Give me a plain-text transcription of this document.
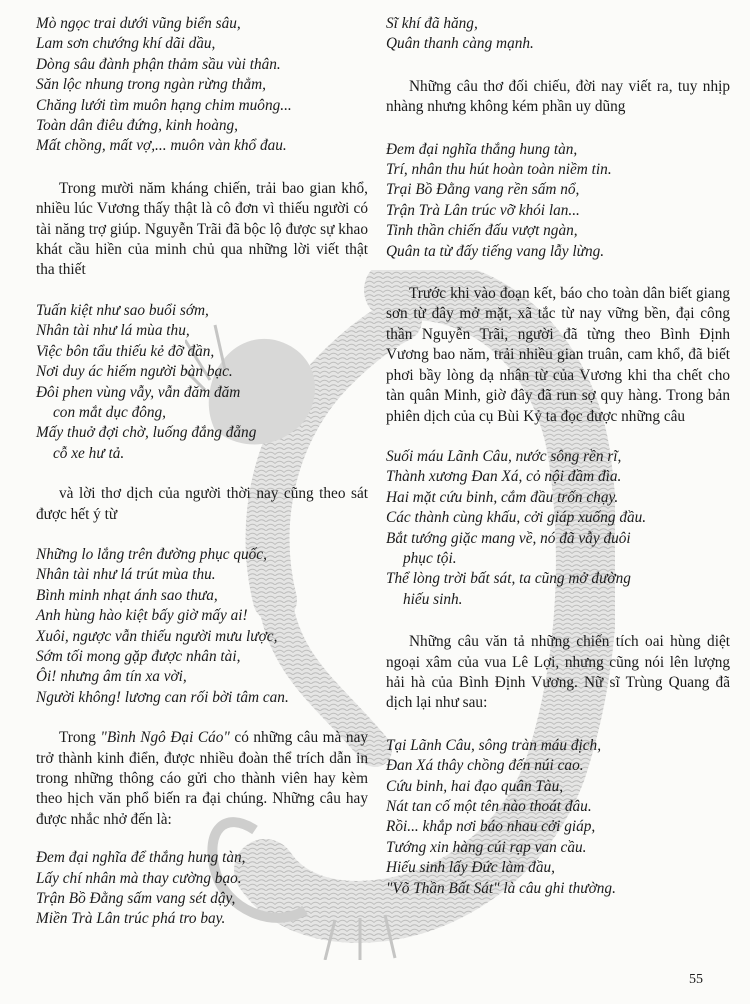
Mò ngọc trai dưới vũng biển sâu,
Lam sơn chướng khí dãi dầu,
Dòng sâu đành phận thảm sầu vùi thân.
Săn lộc nhung trong ngàn rừng thẳm,
Chăng lưới tìm muôn hạng chim muông...
Toàn dân điêu đứng, kinh hoàng,
Mất chồng, mất vợ,... muôn vàn khổ đau.

Trong mười năm kháng chiến, trải bao gian khổ, nhiều lúc Vương thấy thật là cô đơn vì thiếu người có tài năng trợ giúp. Nguyễn Trãi đã bộc lộ được sự khao khát cầu hiền của minh chủ qua những lời viết thật tha thiết

Tuấn kiệt như sao buổi sớm,
Nhân tài như lá mùa thu,
Việc bôn tẩu thiếu kẻ đỡ đần,
Nơi duy ác hiếm người bàn bạc.
Đôi phen vùng vẫy, vẫn đăm đăm
con mắt dục đông,
Mấy thuở đợi chờ, luống đắng đẵng
cỗ xe hư tả.

và lời thơ dịch của người thời nay cũng theo sát được hết ý từ

Những lo lắng trên đường phục quốc,
Nhân tài như lá trút mùa thu.
Bình minh nhạt ánh sao thưa,
Anh hùng hào kiệt bấy giờ mấy ai!
Xuôi, ngược vẫn thiếu người mưu lược,
Sớm tối mong gặp được nhân tài,
Ôi! nhưng âm tín xa vời,
Người không! lương can rối bời tâm can.

Trong "Bình Ngô Đại Cáo" có những câu mà nay trở thành kinh điển, được nhiều đoàn thể trích dẫn in trong những thông cáo gửi cho thành viên hay kèm theo hịch văn phổ biến ra đại chúng. Những câu hay được nhắc nhở đến là:

Đem đại nghĩa để thắng hung tàn,
Lấy chí nhân mà thay cường bạo.
Trận Bồ Đằng sấm vang sét dậy,
Miền Trà Lân trúc phá tro bay.
Sĩ khí đã hăng,
Quân thanh càng mạnh.

Những câu thơ đối chiếu, đời nay viết ra, tuy nhịp nhàng nhưng không kém phần uy dũng

Đem đại nghĩa thắng hung tàn,
Trí, nhân thu hút hoàn toàn niềm tin.
Trại Bồ Đằng vang rền sấm nổ,
Trận Trà Lân trúc vỡ khói lan...
Tinh thần chiến đấu vượt ngàn,
Quân ta từ đấy tiếng vang lẫy lừng.

Trước khi vào đoạn kết, báo cho toàn dân biết giang sơn từ đây mở mặt, xã tắc từ nay vững bền, đại công thần Nguyễn Trãi, người đã từng theo Bình Định Vương bao năm, trải nhiều gian truân, cam khổ, đã biết phơi bầy lòng dạ nhân từ của Vương khi tha chết cho tàn quân Minh, giờ đây đã run sợ quy hàng. Trong bản phiên dịch của cụ Bùi Kỷ ta đọc được những câu

Suối máu Lãnh Câu, nước sông rền rĩ,
Thành xương Đan Xá, cỏ nội đầm đìa.
Hai mặt cứu binh, cắm đầu trốn chạy.
Các thành cùng khấu, cởi giáp xuống đầu.
Bắt tướng giặc mang về, nó đã vẫy đuôi
phục tội.
Thể lòng trời bất sát, ta cũng mở đường
hiếu sinh.

Những câu văn tả những chiến tích oai hùng diệt ngoại xâm của vua Lê Lợi, nhưng cũng nói lên lượng hải hà của Bình Định Vương. Nữ sĩ Trùng Quang đã dịch lại như sau:

Tại Lãnh Câu, sông tràn máu địch,
Đan Xá thây chồng đến núi cao.
Cứu binh, hai đạo quân Tàu,
Nát tan cố một tên nào thoát đâu.
Rồi... khắp nơi báo nhau cởi giáp,
Tướng xin hàng cúi rạp van cầu.
Hiếu sinh lấy Đức làm đầu,
"Võ Thần Bất Sát" là câu ghi thường.
55
